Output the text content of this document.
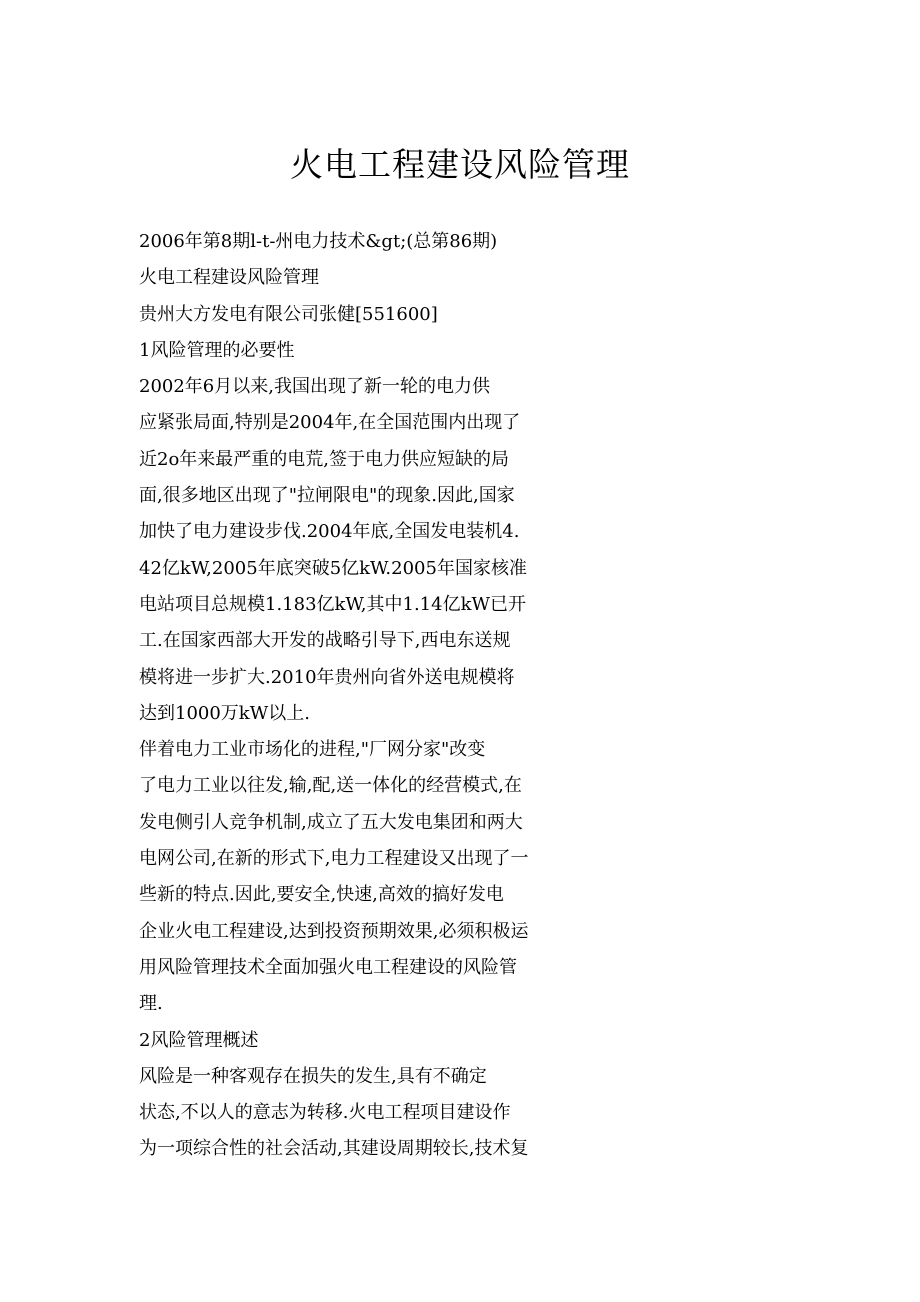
火电工程建设风险管理
2006年第8期l-t-州电力技术&gt;(总第86期)
火电工程建设风险管理
贵州大方发电有限公司张健[551600]
1风险管理的必要性
2002年6月以来,我国出现了新一轮的电力供
应紧张局面,特别是2004年,在全国范围内出现了
近2o年来最严重的电荒,签于电力供应短缺的局
面,很多地区出现了"拉闸限电"的现象.因此,国家
加快了电力建设步伐.2004年底,全国发电装机4.
42亿kW,2005年底突破5亿kW.2005年国家核准
电站项目总规模1.183亿kW,其中1.14亿kW已开
工.在国家西部大开发的战略引导下,西电东送规
模将进一步扩大.2010年贵州向省外送电规模将
达到1000万kW以上.
伴着电力工业市场化的进程,"厂网分家"改变
了电力工业以往发,输,配,送一体化的经营模式,在
发电侧引人竞争机制,成立了五大发电集团和两大
电网公司,在新的形式下,电力工程建设又出现了一
些新的特点.因此,要安全,快速,高效的搞好发电
企业火电工程建设,达到投资预期效果,必须积极运
用风险管理技术全面加强火电工程建设的风险管
理.
2风险管理概述
风险是一种客观存在损失的发生,具有不确定
状态,不以人的意志为转移.火电工程项目建设作
为一项综合性的社会活动,其建设周期较长,技术复
